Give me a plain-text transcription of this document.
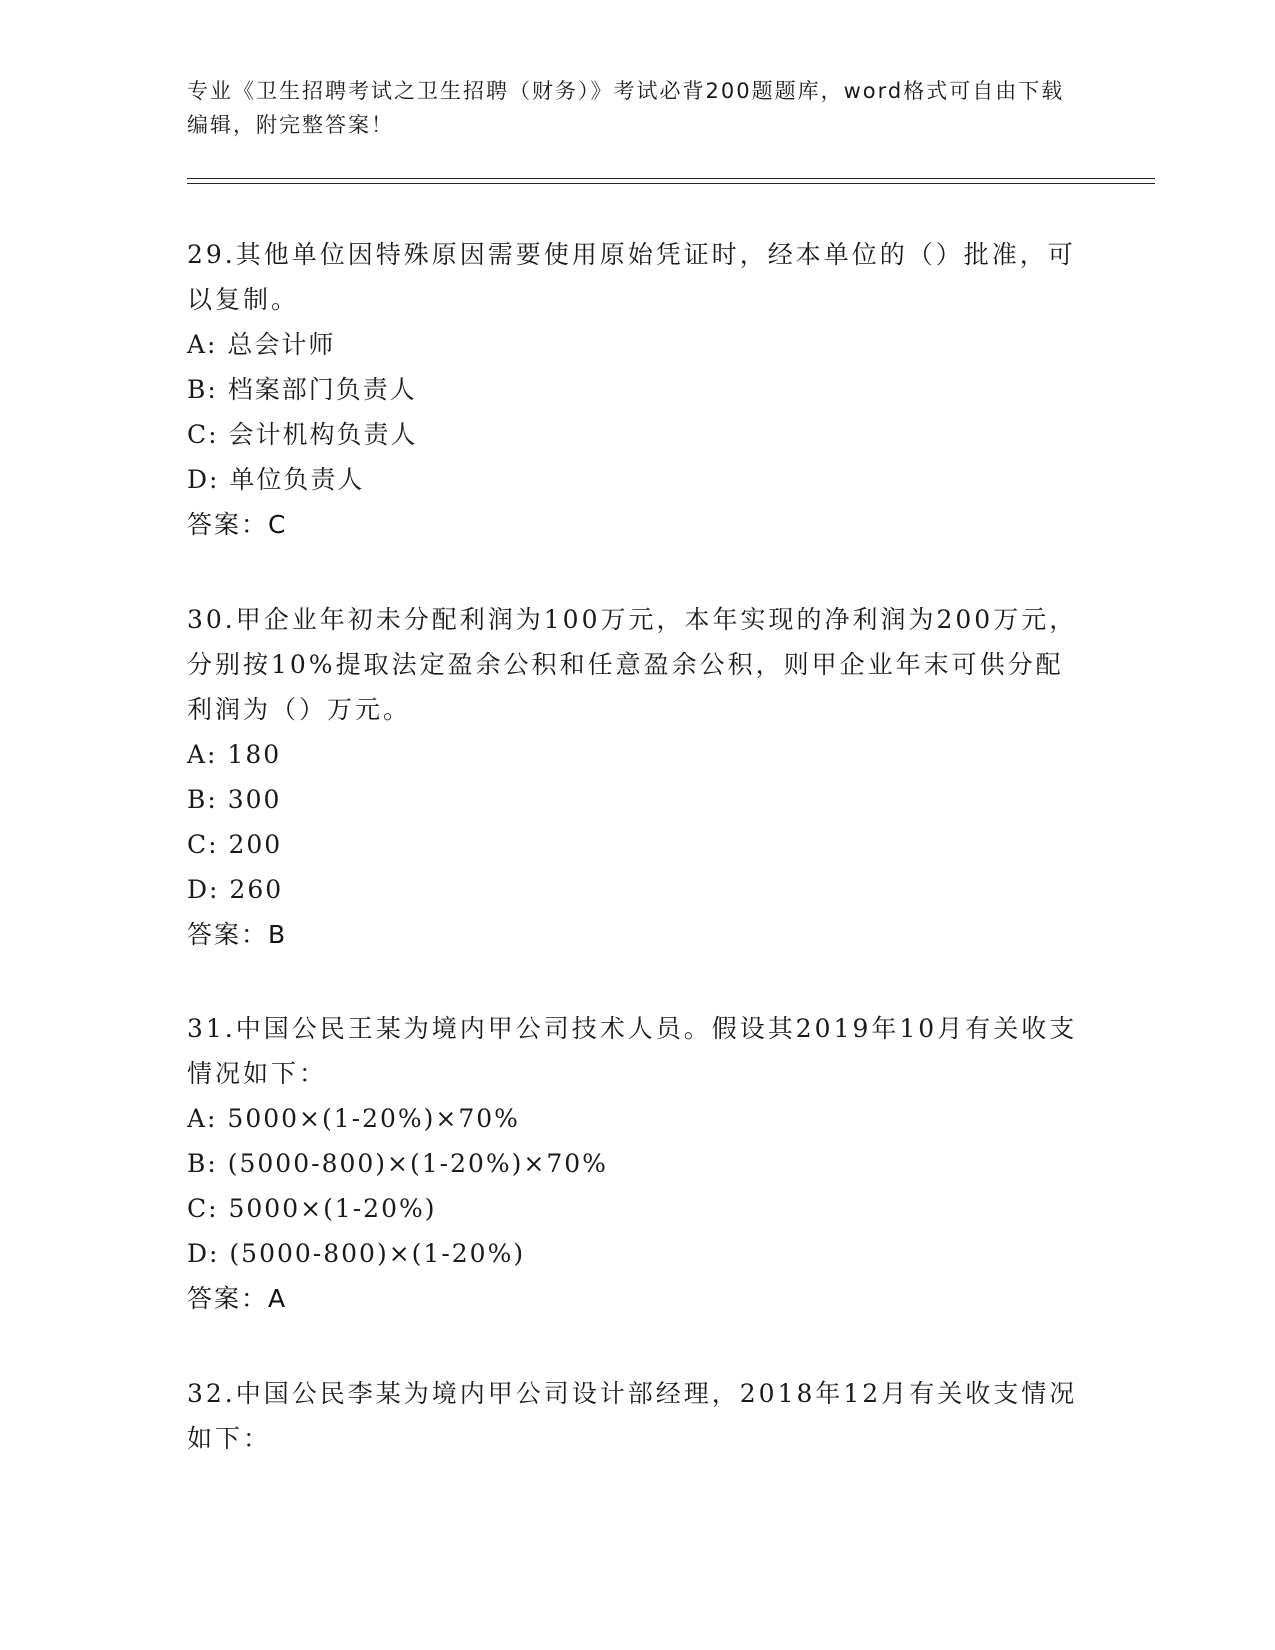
专业《卫生招聘考试之卫生招聘（财务）》考试必背200题题库，word格式可自由下载编辑，附完整答案！

29.其他单位因特殊原因需要使用原始凭证时，经本单位的（）批准，可以复制。

A: 总会计师

B: 档案部门负责人

C: 会计机构负责人

D: 单位负责人

答案：C

30.甲企业年初未分配利润为100万元，本年实现的净利润为200万元，分别按10%提取法定盈余公积和任意盈余公积，则甲企业年末可供分配利润为（）万元。

A: 180

B: 300

C: 200

D: 260

答案：B

31.中国公民王某为境内甲公司技术人员。假设其2019年10月有关收支情况如下：

A: 5000×(1-20%)×70%

B: (5000-800)×(1-20%)×70%

C: 5000×(1-20%)

D: (5000-800)×(1-20%)

答案：A

32.中国公民李某为境内甲公司设计部经理，2018年12月有关收支情况如下：
